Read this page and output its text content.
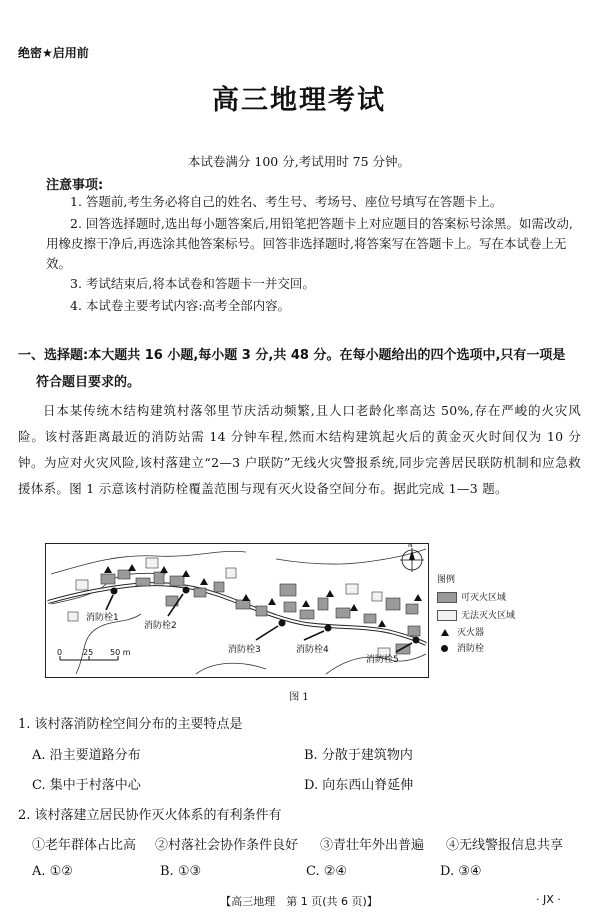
绝密★启用前
高三地理考试
本试卷满分 100 分,考试用时 75 分钟。
注意事项:
1. 答题前,考生务必将自己的姓名、考生号、考场号、座位号填写在答题卡上。
2. 回答选择题时,选出每小题答案后,用铅笔把答题卡上对应题目的答案标号涂黑。如需改动,用橡皮擦干净后,再选涂其他答案标号。回答非选择题时,将答案写在答题卡上。写在本试卷上无效。
3. 考试结束后,将本试卷和答题卡一并交回。
4. 本试卷主要考试内容:高考全部内容。
一、选择题:本大题共 16 小题,每小题 3 分,共 48 分。在每小题给出的四个选项中,只有一项是
符合题目要求的。
日本某传统木结构建筑村落邻里节庆活动频繁,且人口老龄化率高达 50%,存在严峻的火灾风险。该村落距离最近的消防站需 14 分钟车程,然而木结构建筑起火后的黄金灭火时间仅为 10 分钟。为应对火灾风险,该村落建立“2—3 户联防”无线火灾警报系统,同步完善居民联防机制和应急救援体系。图 1 示意该村消防栓覆盖范围与现有灭火设备空间分布。据此完成 1—3 题。
消防栓1
消防栓2
消防栓3	消防栓4
消防栓5
0	25 50 m
N
图例
可灭火区域
无法灭火区域
灭火器
消防栓
图 1
1. 该村落消防栓空间分布的主要特点是
A. 沿主要道路分布	B. 分散于建筑物内
C. 集中于村落中心	D. 向东西山脊延伸
2. 该村落建立居民协作灭火体系的有利条件有
①老年群体占比高 ②村落社会协作条件良好 ③青壮年外出普遍 ④无线警报信息共享
A. ①②	B. ①③	C. ②④	D. ③④
【高三地理　第 1 页(共 6 页)】	· JX ·
